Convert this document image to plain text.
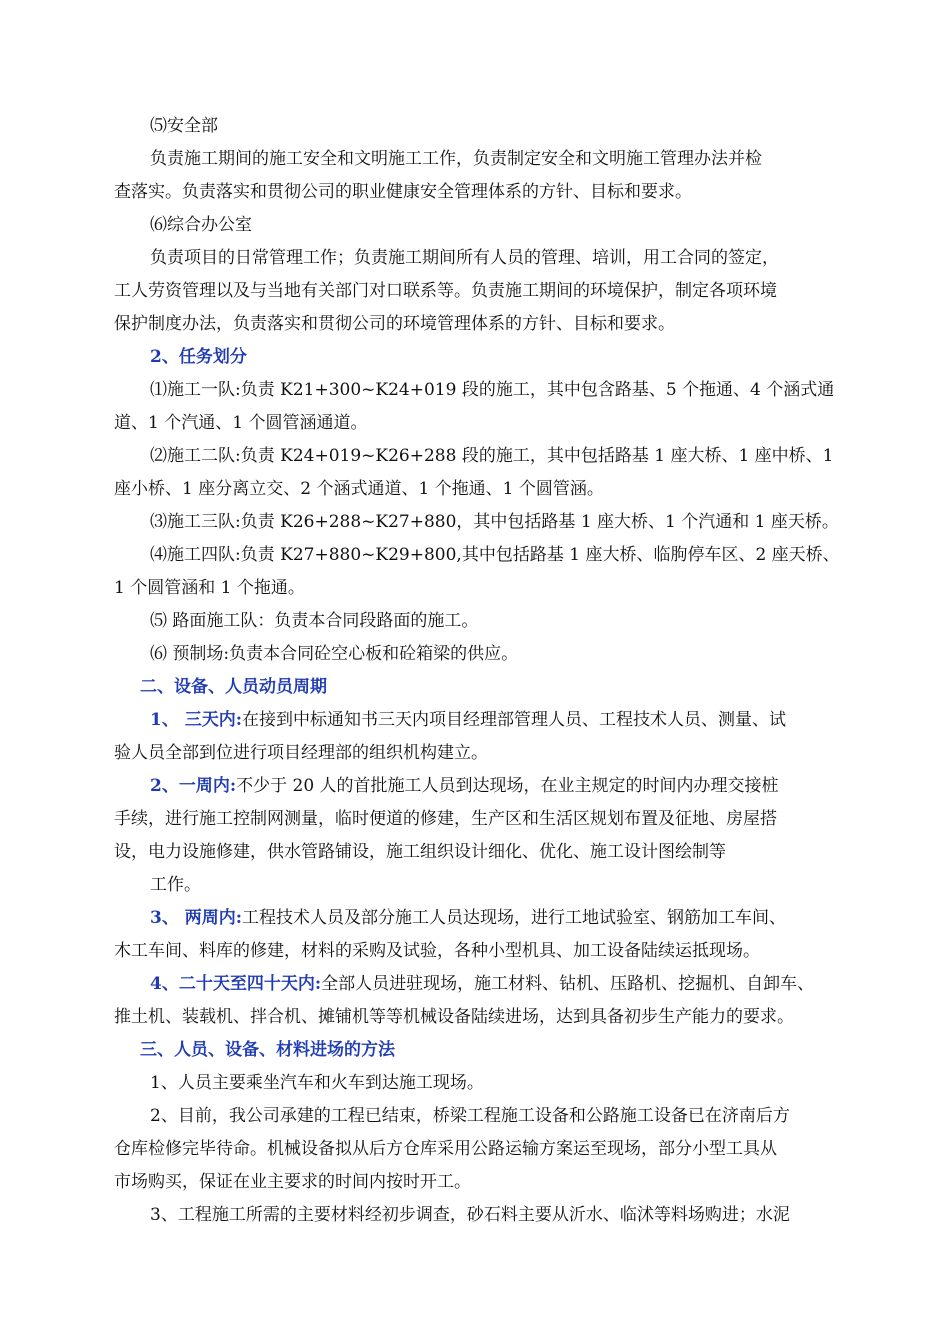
⑸安全部
负责施工期间的施工安全和文明施工工作，负责制定安全和文明施工管理办法并检
查落实。负责落实和贯彻公司的职业健康安全管理体系的方针、目标和要求。
⑹综合办公室
负责项目的日常管理工作；负责施工期间所有人员的管理、培训，用工合同的签定，
工人劳资管理以及与当地有关部门对口联系等。负责施工期间的环境保护，制定各项环境
保护制度办法，负责落实和贯彻公司的环境管理体系的方针、目标和要求。
2、任务划分
⑴施工一队:负责 K21+300~K24+019 段的施工，其中包含路基、5 个拖通、4 个涵式通
道、1 个汽通、1 个圆管涵通道。
⑵施工二队:负责 K24+019~K26+288 段的施工，其中包括路基 1 座大桥、1 座中桥、1
座小桥、1 座分离立交、2 个涵式通道、1 个拖通、1 个圆管涵。
⑶施工三队:负责 K26+288~K27+880，其中包括路基 1 座大桥、1 个汽通和 1 座天桥。
⑷施工四队:负责 K27+880~K29+800,其中包括路基 1 座大桥、临朐停车区、2 座天桥、
1 个圆管涵和 1 个拖通。
⑸ 路面施工队：负责本合同段路面的施工。
⑹ 预制场:负责本合同砼空心板和砼箱梁的供应。
二、设备、人员动员周期
1、 三天内:在接到中标通知书三天内项目经理部管理人员、工程技术人员、测量、试
验人员全部到位进行项目经理部的组织机构建立。
2、一周内:不少于 20 人的首批施工人员到达现场，在业主规定的时间内办理交接桩
手续，进行施工控制网测量，临时便道的修建，生产区和生活区规划布置及征地、房屋搭
设，电力设施修建，供水管路铺设，施工组织设计细化、优化、施工设计图绘制等
工作。
3、 两周内:工程技术人员及部分施工人员达现场，进行工地试验室、钢筋加工车间、
木工车间、料库的修建，材料的采购及试验，各种小型机具、加工设备陆续运抵现场。
4、二十天至四十天内:全部人员进驻现场，施工材料、钻机、压路机、挖掘机、自卸车、
推土机、装载机、拌合机、摊铺机等等机械设备陆续进场，达到具备初步生产能力的要求。
三、人员、设备、材料进场的方法
1、人员主要乘坐汽车和火车到达施工现场。
2、目前，我公司承建的工程已结束，桥梁工程施工设备和公路施工设备已在济南后方
仓库检修完毕待命。机械设备拟从后方仓库采用公路运输方案运至现场，部分小型工具从
市场购买，保证在业主要求的时间内按时开工。
3、工程施工所需的主要材料经初步调查，砂石料主要从沂水、临沭等料场购进；水泥
